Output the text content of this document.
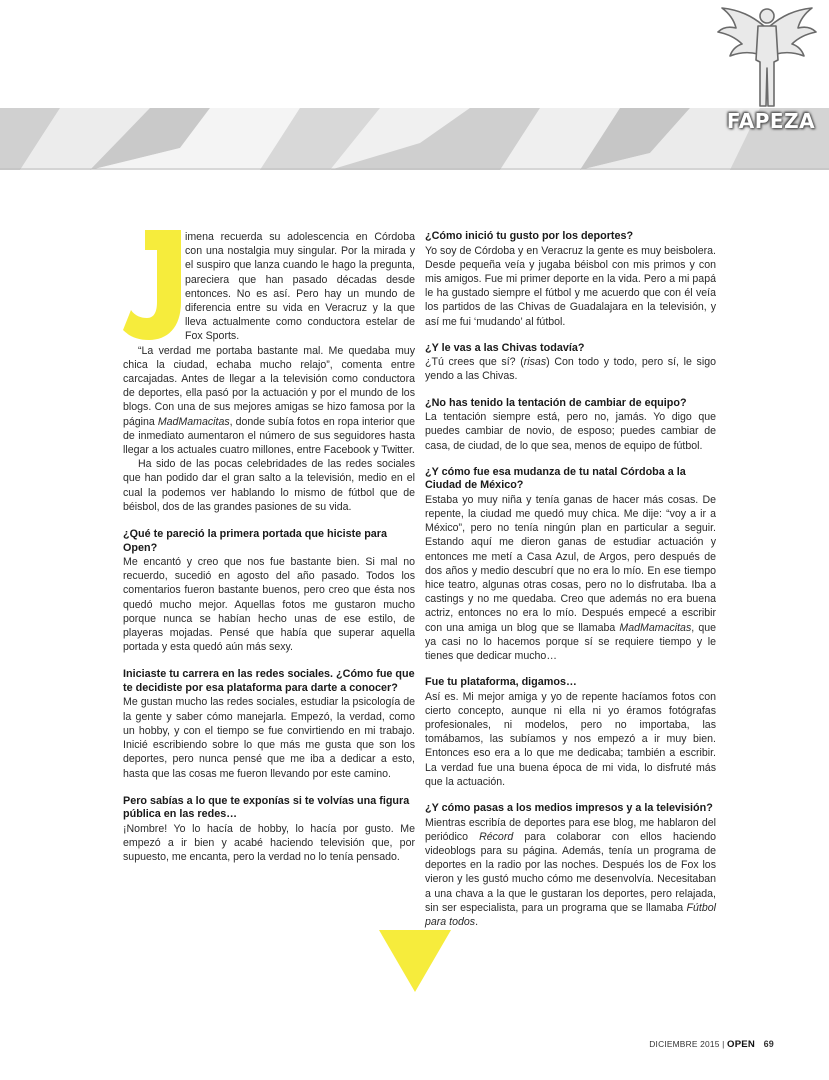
FAPEZA

imena recuerda su adolescencia en Córdoba con una nostalgia muy singular. Por la mirada y el suspiro que lanza cuando le hago la pregunta, pareciera que han pasado décadas desde entonces. No es así. Pero hay un mundo de diferencia entre su vida en Veracruz y la que lleva actualmente como conductora estelar de Fox Sports.

“La verdad me portaba bastante mal. Me quedaba muy chica la ciudad, echaba mucho relajo”, comenta entre carcajadas. Antes de llegar a la televisión como conductora de deportes, ella pasó por la actuación y por el mundo de los blogs. Con una de sus mejores amigas se hizo famosa por la página MadMamacitas, donde subía fotos en ropa interior que de inmediato aumentaron el número de sus seguidores hasta llegar a los actuales cuatro millones, entre Facebook y Twitter.

Ha sido de las pocas celebridades de las redes sociales que han podido dar el gran salto a la televisión, medio en el cual la podemos ver hablando lo mismo de fútbol que de béisbol, dos de las grandes pasiones de su vida.

¿Qué te pareció la primera portada que hiciste para Open?

Me encantó y creo que nos fue bastante bien. Si mal no recuerdo, sucedió en agosto del año pasado. Todos los comentarios fueron bastante buenos, pero creo que ésta nos quedó mucho mejor. Aquellas fotos me gustaron mucho porque nunca se habían hecho unas de ese estilo, de playeras mojadas. Pensé que había que superar aquella portada y esta quedó aún más sexy.

Iniciaste tu carrera en las redes sociales. ¿Cómo fue que te decidiste por esa plataforma para darte a conocer?

Me gustan mucho las redes sociales, estudiar la psicología de la gente y saber cómo manejarla. Empezó, la verdad, como un hobby, y con el tiempo se fue convirtiendo en mi trabajo. Inicié escribiendo sobre lo que más me gusta que son los deportes, pero nunca pensé que me iba a dedicar a esto, hasta que las cosas me fueron llevando por este camino.

Pero sabías a lo que te exponías si te volvías una figura pública en las redes…

¡Nombre! Yo lo hacía de hobby, lo hacía por gusto. Me empezó a ir bien y acabé haciendo televisión que, por supuesto, me encanta, pero la verdad no lo tenía pensado.

¿Cómo inició tu gusto por los deportes?

Yo soy de Córdoba y en Veracruz la gente es muy beisbolera. Desde pequeña veía y jugaba béisbol con mis primos y con mis amigos. Fue mi primer deporte en la vida. Pero a mi papá le ha gustado siempre el fútbol y me acuerdo que con él veía los partidos de las Chivas de Guadalajara en la televisión, y así me fui ‘mudando’ al fútbol.

¿Y le vas a las Chivas todavía?

¿Tú crees que sí? (risas) Con todo y todo, pero sí, le sigo yendo a las Chivas.

¿No has tenido la tentación de cambiar de equipo?

La tentación siempre está, pero no, jamás. Yo digo que puedes cambiar de novio, de esposo; puedes cambiar de casa, de ciudad, de lo que sea, menos de equipo de fútbol.

¿Y cómo fue esa mudanza de tu natal Córdoba a la Ciudad de México?

Estaba yo muy niña y tenía ganas de hacer más cosas. De repente, la ciudad me quedó muy chica. Me dije: “voy a ir a México”, pero no tenía ningún plan en particular a seguir. Estando aquí me dieron ganas de estudiar actuación y entonces me metí a Casa Azul, de Argos, pero después de dos años y medio descubrí que no era lo mío. En ese tiempo hice teatro, algunas otras cosas, pero no lo disfrutaba. Iba a castings y no me quedaba. Creo que además no era buena actriz, entonces no era lo mío. Después empecé a escribir con una amiga un blog que se llamaba MadMamacitas, que ya casi no lo hacemos porque sí se requiere tiempo y le tienes que dedicar mucho…

Fue tu plataforma, digamos…

Así es. Mi mejor amiga y yo de repente hacíamos fotos con cierto concepto, aunque ni ella ni yo éramos fotógrafas profesionales, ni modelos, pero no importaba, las tomábamos, las subíamos y nos empezó a ir muy bien. Entonces eso era a lo que me dedicaba; también a escribir. La verdad fue una buena época de mi vida, lo disfruté más que la actuación.

¿Y cómo pasas a los medios impresos y a la televisión?

Mientras escribía de deportes para ese blog, me hablaron del periódico Récord para colaborar con ellos haciendo videoblogs para su página. Además, tenía un programa de deportes en la radio por las noches. Después los de Fox los vieron y les gustó mucho cómo me desenvolvía. Necesitaban a una chava a la que le gustaran los deportes, pero relajada, sin ser especialista, para un programa que se llamaba Fútbol para todos.

DICIEMBRE 2015 | OPEN 69
